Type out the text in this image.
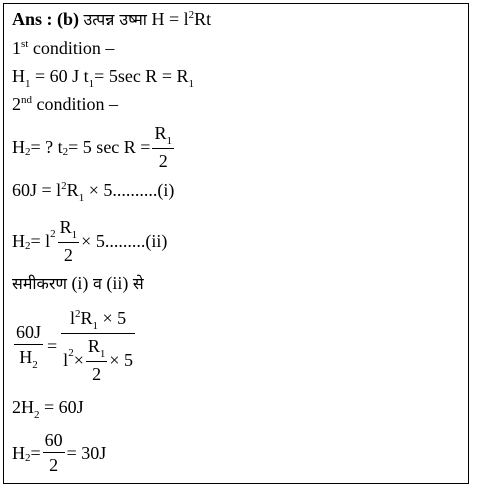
Ans : (b) उत्पन्न उष्मा $H = l^2Rt$
1st condition –
$H_1 = 60$ J $t_1= 5\sec$ $R = R_1$
2nd condition –
$H_2$ = ? $t_2 = 5$ $\sec R = \frac{R_1}{2}$
$60J = l^2R_1 \times 5..........(i)$
$H_2 = l^2 \frac{R_1}{2} \times 5.........(ii)$
समीकरण (i) व (ii) से
$\frac{60J}{H_2} = \frac{l^2R_1 \times 5}{l^2 \times \frac{R_1}{2} \times 5}$
$2H_2 = 60J$
$H_2 = \frac{60}{2} = 30J$
